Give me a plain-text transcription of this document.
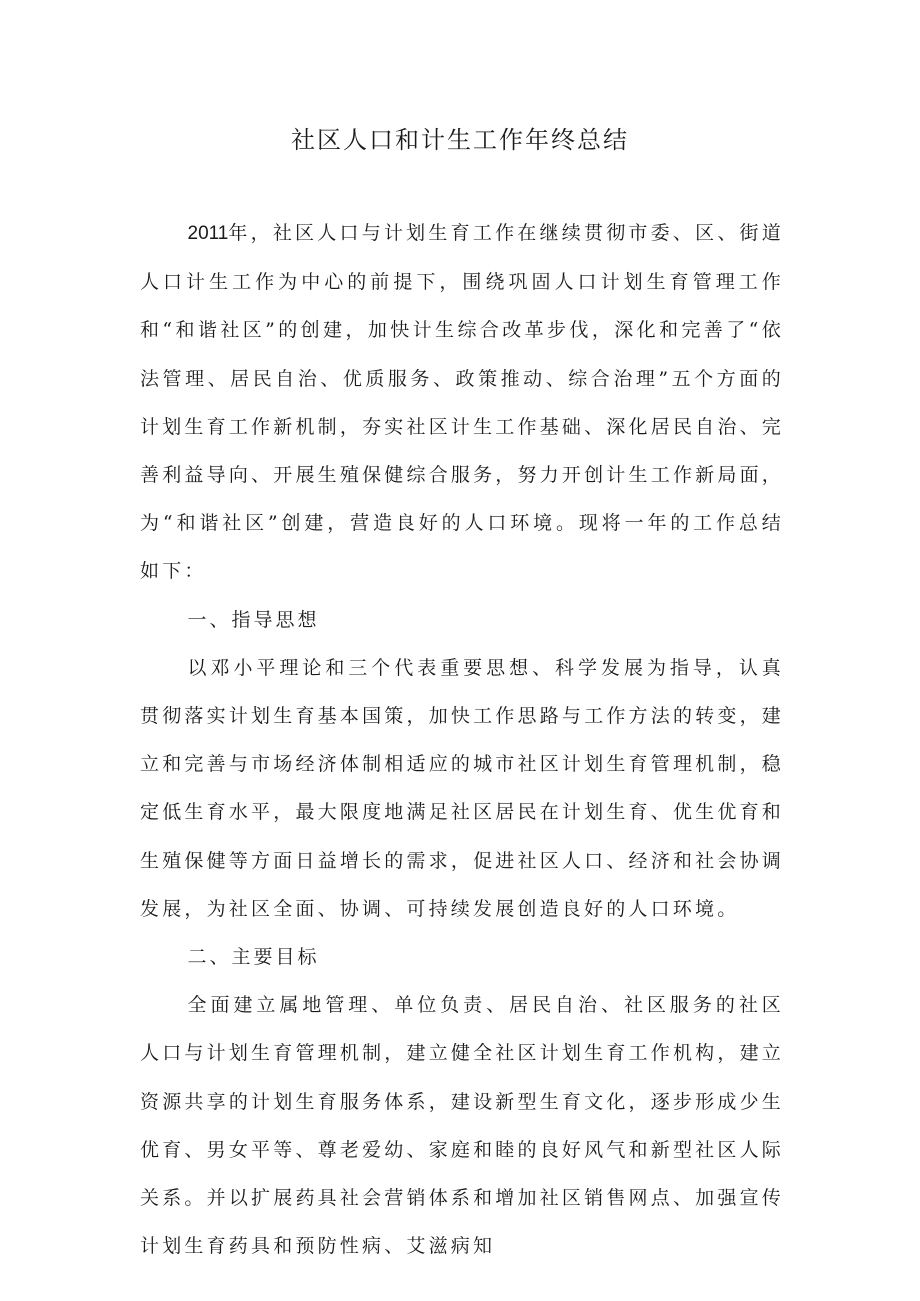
社区人口和计生工作年终总结

2011年，社区人口与计划生育工作在继续贯彻市委、区、街道人口计生工作为中心的前提下，围绕巩固人口计划生育管理工作和“和谐社区”的创建，加快计生综合改革步伐，深化和完善了“依法管理、居民自治、优质服务、政策推动、综合治理”五个方面的计划生育工作新机制，夯实社区计生工作基础、深化居民自治、完善利益导向、开展生殖保健综合服务，努力开创计生工作新局面，为“和谐社区”创建，营造良好的人口环境。现将一年的工作总结如下：

一、指导思想

以邓小平理论和三个代表重要思想、科学发展为指导，认真贯彻落实计划生育基本国策，加快工作思路与工作方法的转变，建立和完善与市场经济体制相适应的城市社区计划生育管理机制，稳定低生育水平，最大限度地满足社区居民在计划生育、优生优育和生殖保健等方面日益增长的需求，促进社区人口、经济和社会协调发展，为社区全面、协调、可持续发展创造良好的人口环境。

二、主要目标

全面建立属地管理、单位负责、居民自治、社区服务的社区人口与计划生育管理机制，建立健全社区计划生育工作机构，建立资源共享的计划生育服务体系，建设新型生育文化，逐步形成少生优育、男女平等、尊老爱幼、家庭和睦的良好风气和新型社区人际关系。并以扩展药具社会营销体系和增加社区销售网点、加强宣传计划生育药具和预防性病、艾滋病知
